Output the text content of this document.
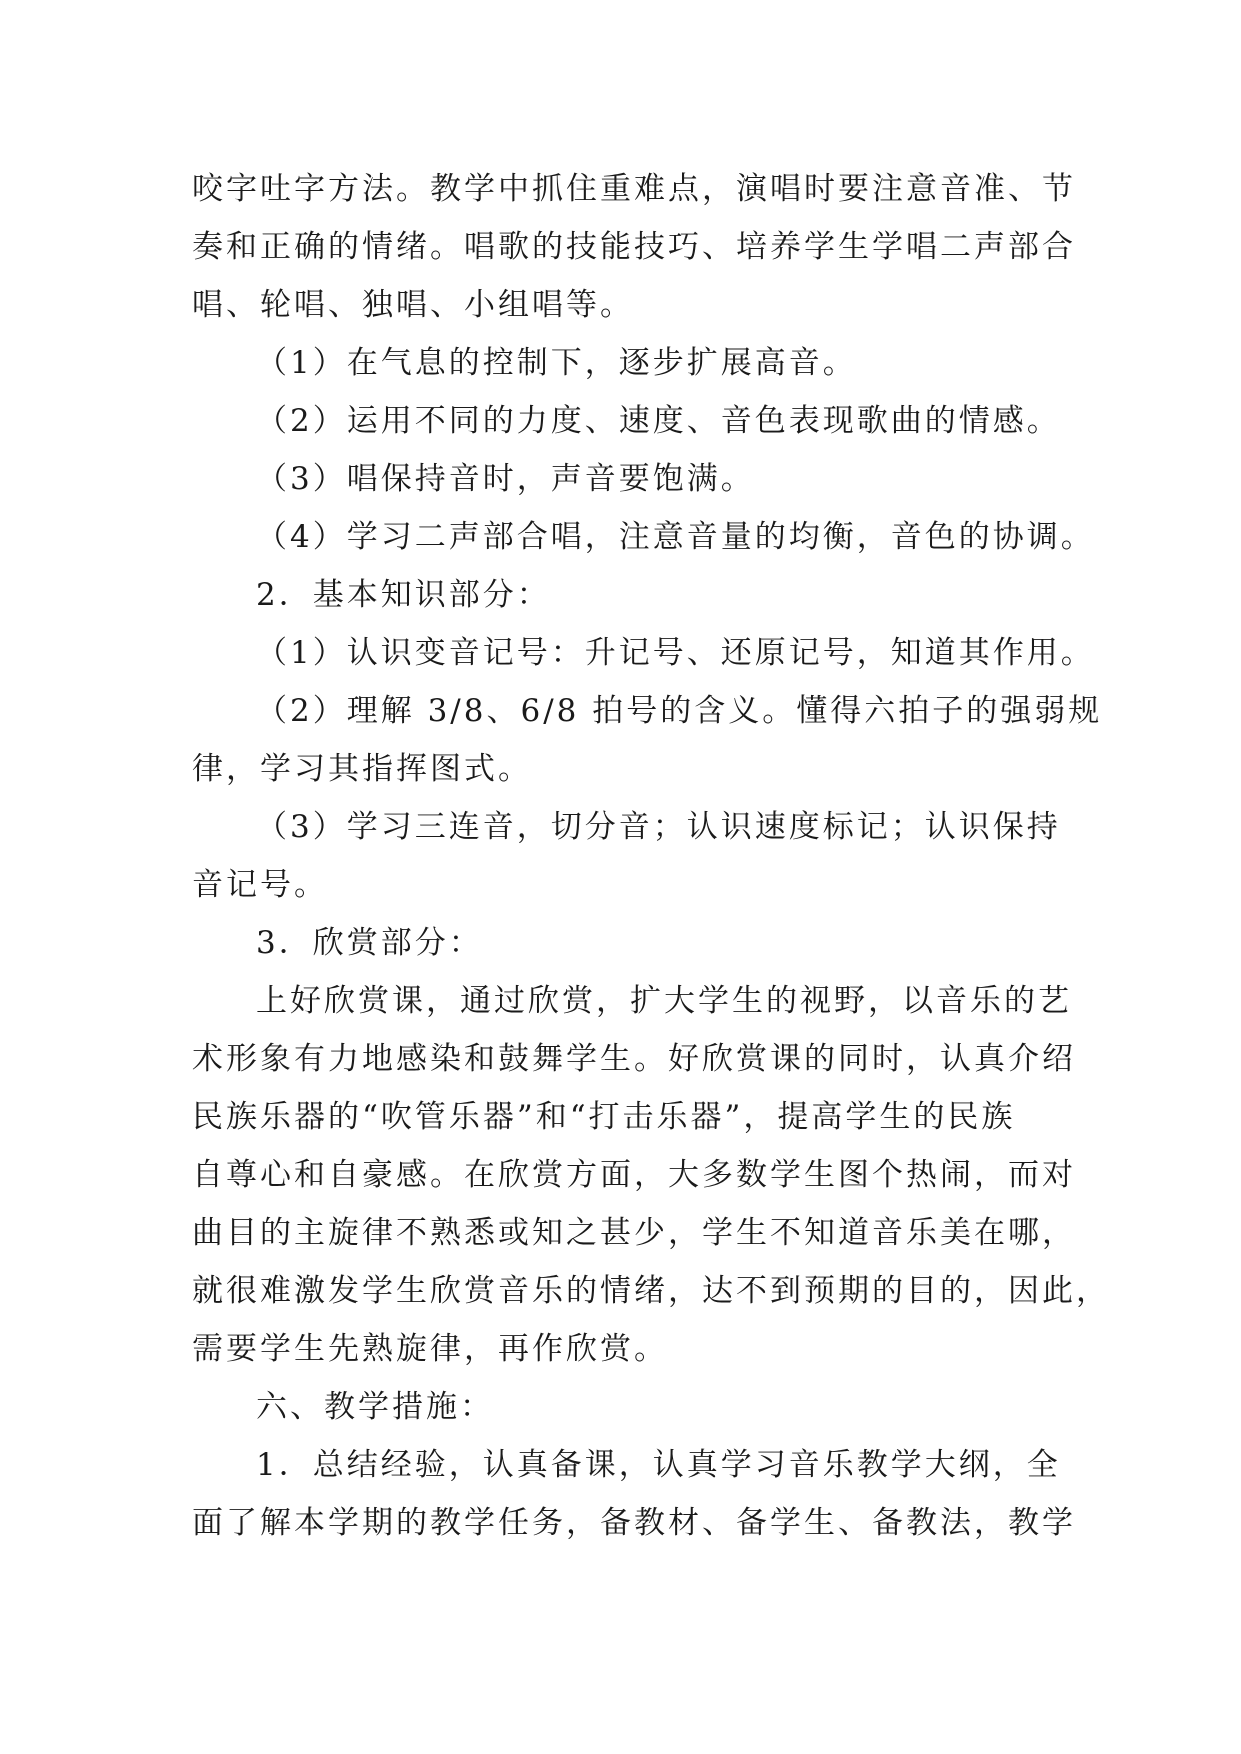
咬字吐字方法。教学中抓住重难点，演唱时要注意音准、节
奏和正确的情绪。唱歌的技能技巧、培养学生学唱二声部合
唱、轮唱、独唱、小组唱等。
（1）在气息的控制下，逐步扩展高音。
（2）运用不同的力度、速度、音色表现歌曲的情感。
（3）唱保持音时，声音要饱满。
（4）学习二声部合唱，注意音量的均衡，音色的协调。
2．基本知识部分：
（1）认识变音记号：升记号、还原记号，知道其作用。
（2）理解 3/8、6/8 拍号的含义。懂得六拍子的强弱规
律，学习其指挥图式。
（3）学习三连音，切分音；认识速度标记；认识保持
音记号。
3．欣赏部分：
上好欣赏课，通过欣赏，扩大学生的视野，以音乐的艺
术形象有力地感染和鼓舞学生。好欣赏课的同时，认真介绍
民族乐器的“吹管乐器”和“打击乐器”，提高学生的民族
自尊心和自豪感。在欣赏方面，大多数学生图个热闹，而对
曲目的主旋律不熟悉或知之甚少，学生不知道音乐美在哪，
就很难激发学生欣赏音乐的情绪，达不到预期的目的，因此，
需要学生先熟旋律，再作欣赏。
六、教学措施：
1．总结经验，认真备课，认真学习音乐教学大纲，全
面了解本学期的教学任务，备教材、备学生、备教法，教学
